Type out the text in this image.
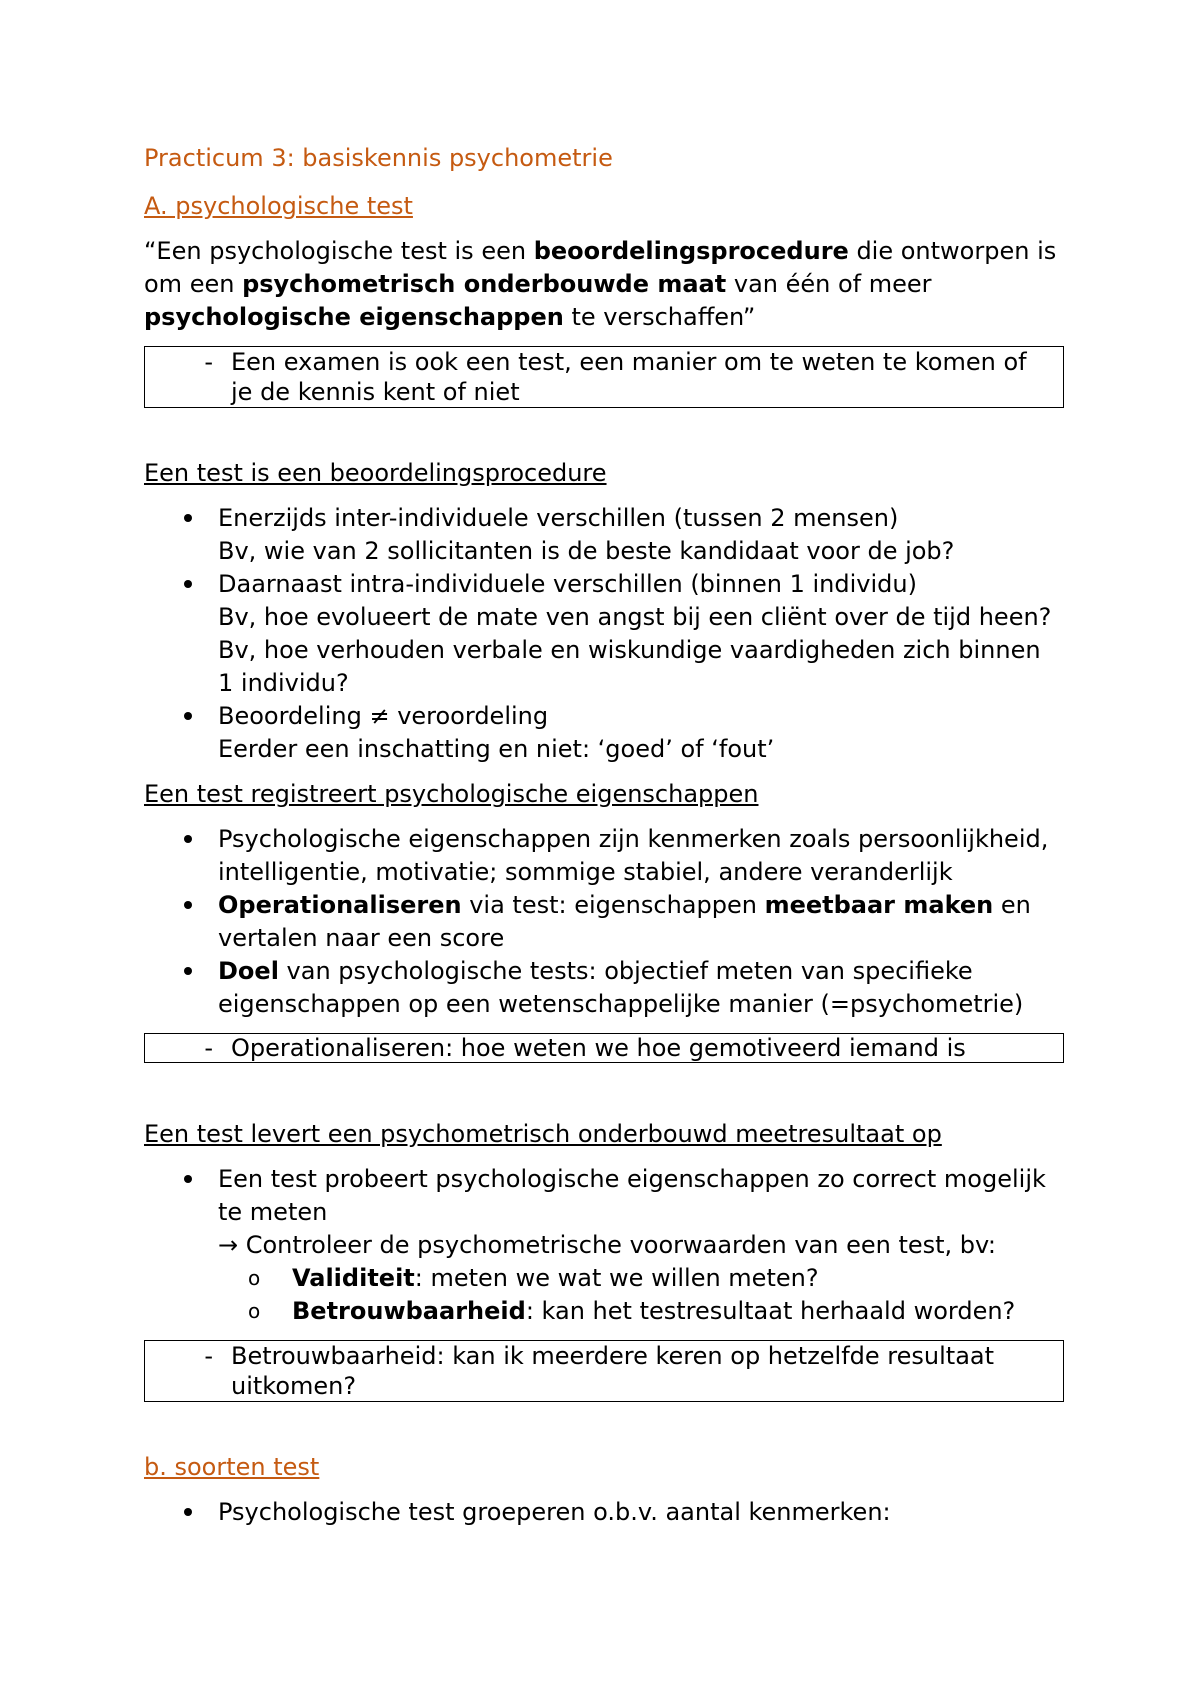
Practicum 3: basiskennis psychometrie
A. psychologische test
“Een psychologische test is een beoordelingsprocedure die ontworpen is om een psychometrisch onderbouwde maat van één of meer psychologische eigenschappen te verschaffen”
- Een examen is ook een test, een manier om te weten te komen of
je de kennis kent of niet
Een test is een beoordelingsprocedure
Enerzijds inter-individuele verschillen (tussen 2 mensen)
Bv, wie van 2 sollicitanten is de beste kandidaat voor de job?
Daarnaast intra-individuele verschillen (binnen 1 individu)
Bv, hoe evolueert de mate ven angst bij een cliënt over de tijd heen?
Bv, hoe verhouden verbale en wiskundige vaardigheden zich binnen
1 individu?
Beoordeling ≠ veroordeling
Eerder een inschatting en niet: ‘goed’ of ‘fout’
Een test registreert psychologische eigenschappen
Psychologische eigenschappen zijn kenmerken zoals persoonlijkheid, intelligentie, motivatie; sommige stabiel, andere veranderlijk
Operationaliseren via test: eigenschappen meetbaar maken en vertalen naar een score
Doel van psychologische tests: objectief meten van specifieke eigenschappen op een wetenschappelijke manier (=psychometrie)
- Operationaliseren: hoe weten we hoe gemotiveerd iemand is
Een test levert een psychometrisch onderbouwd meetresultaat op
Een test probeert psychologische eigenschappen zo correct mogelijk te meten
→ Controleer de psychometrische voorwaarden van een test, bv:
o	Validiteit: meten we wat we willen meten?
o	Betrouwbaarheid: kan het testresultaat herhaald worden?
- Betrouwbaarheid: kan ik meerdere keren op hetzelfde resultaat
uitkomen?
b. soorten test
Psychologische test groeperen o.b.v. aantal kenmerken:
